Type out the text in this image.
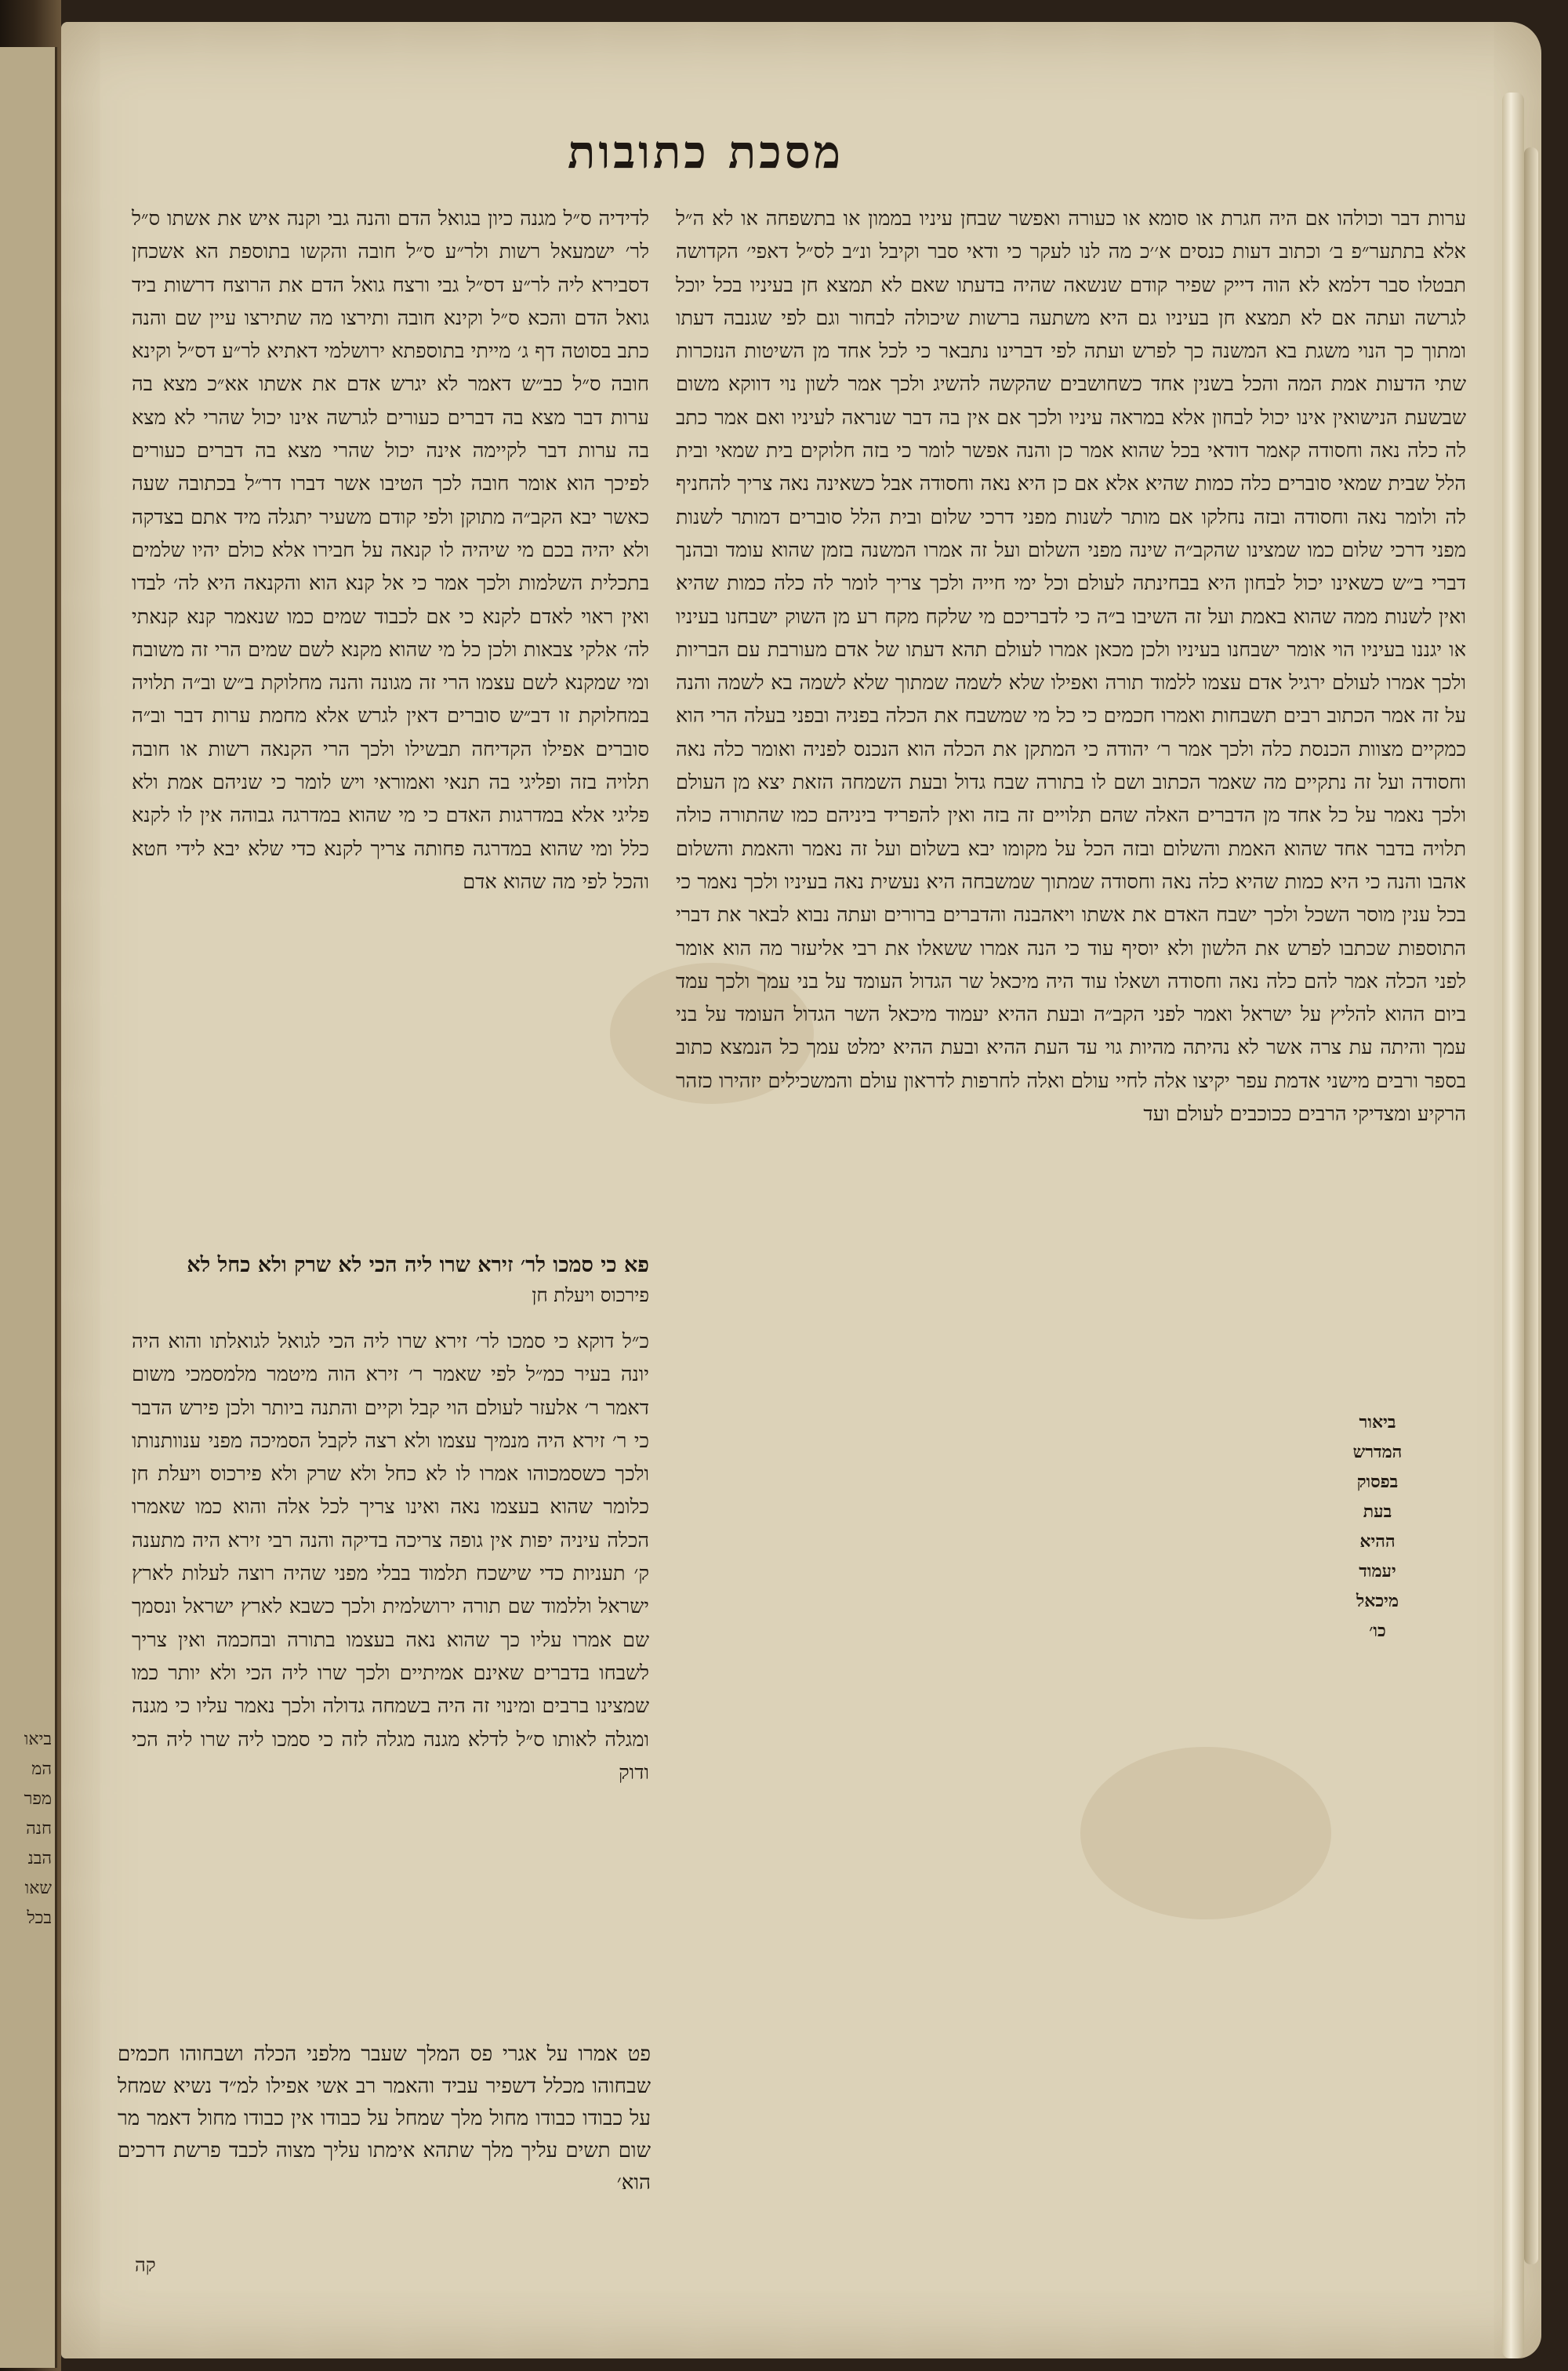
ביאו
המ
מפר
חנה
הבנ
שאו
בכל
מסכת כתובות

ערות דבר וכולהו אם היה חגרת או סומא או כעורה ואפשר שבחן עיניו בממון או בתשפחה או לא ה״ל אלא בתתער״פ ב׳ וכתוב דעות כנסים א׳׳כ מה לנו לעקר כי ודאי סבר וקיבל ונ״ב לס״ל דאפי׳ הקדושה תבטלו סבר דלמא לא הוה דייק שפיר קודם שנשאה שהיה בדעתו שאם לא תמצא חן בעיניו בכל יוכל לגרשה ועתה אם לא תמצא חן בעיניו גם היא משתעה ברשות שיכולה לבחור וגם לפי שגנבה דעתו ומתוך כך הנוי משגת בא המשנה כך לפרש ועתה לפי דברינו נתבאר כי לכל אחד מן השיטות הנזכרות שתי הדעות אמת המה והכל בשנין אחד כשחושבים שהקשה להשיג ולכך אמר לשון נוי דווקא משום שבשעת הנישואין אינו יכול לבחון אלא במראה עיניו ולכך אם אין בה דבר שנראה לעיניו ואם אמר כתב לה כלה נאה וחסודה קאמר דודאי בכל שהוא אמר כן והנה אפשר לומר כי בזה חלוקים בית שמאי ובית הלל שבית שמאי סוברים כלה כמות שהיא אלא אם כן היא נאה וחסודה אבל כשאינה נאה צריך להחניף לה ולומר נאה וחסודה ובזה נחלקו אם מותר לשנות מפני דרכי שלום ובית הלל סוברים דמותר לשנות מפני דרכי שלום כמו שמצינו שהקב״ה שינה מפני השלום ועל זה אמרו המשנה בזמן שהוא עומד ובהנך דברי ב״ש כשאינו יכול לבחון היא בבחינתה לעולם וכל ימי חייה ולכך צריך לומר לה כלה כמות שהיא ואין לשנות ממה שהוא באמת ועל זה השיבו ב״ה כי לדבריכם מי שלקח מקח רע מן השוק ישבחנו בעיניו או יגננו בעיניו הוי אומר ישבחנו בעיניו ולכן מכאן אמרו לעולם תהא דעתו של אדם מעורבת עם הבריות ולכך אמרו לעולם ירגיל אדם עצמו ללמוד תורה ואפילו שלא לשמה שמתוך שלא לשמה בא לשמה והנה על זה אמר הכתוב רבים תשבחות ואמרו חכמים כי כל מי שמשבח את הכלה בפניה ובפני בעלה הרי הוא כמקיים מצוות הכנסת כלה ולכך אמר ר׳ יהודה כי המתקן את הכלה הוא הנכנס לפניה ואומר כלה נאה וחסודה ועל זה נתקיים מה שאמר הכתוב ושם לו בתורה שבח גדול ובעת השמחה הזאת יצא מן העולם ולכך נאמר על כל אחד מן הדברים האלה שהם תלויים זה בזה ואין להפריד ביניהם כמו שהתורה כולה תלויה בדבר אחד שהוא האמת והשלום ובזה הכל על מקומו יבא בשלום ועל זה נאמר והאמת והשלום אהבו והנה כי היא כמות שהיא כלה נאה וחסודה שמתוך שמשבחה היא נעשית נאה בעיניו ולכך נאמר כי בכל ענין מוסר השכל ולכך ישבח האדם את אשתו ויאהבנה והדברים ברורים ועתה נבוא לבאר את דברי התוספות שכתבו לפרש את הלשון ולא יוסיף עוד כי הנה אמרו ששאלו את רבי אליעזר מה הוא אומר לפני הכלה אמר להם כלה נאה וחסודה ושאלו עוד היה מיכאל שר הגדול העומד על בני עמך ולכך עמד ביום ההוא להליץ על ישראל ואמר לפני הקב״ה ובעת ההיא יעמוד מיכאל השר הגדול העומד על בני עמך והיתה עת צרה אשר לא נהיתה מהיות גוי עד העת ההיא ובעת ההיא ימלט עמך כל הנמצא כתוב בספר ורבים מישני אדמת עפר יקיצו אלה לחיי עולם ואלה לחרפות לדראון עולם והמשכילים יזהירו כזהר הרקיע ומצדיקי הרבים ככוכבים לעולם ועד

לדידיה ס״ל מגנה כיון בגואל הדם והנה גבי וקנה איש את אשתו ס״ל לר׳ ישמעאל רשות ולר״ע ס״ל חובה והקשו בתוספת הא אשכחן דסבירא ליה לר״ע דס״ל גבי ורצח גואל הדם את הרוצח דרשות ביד גואל הדם והכא ס״ל וקינא חובה ותירצו מה שתירצו עיין שם והנה כתב בסוטה דף ג׳ מייתי בתוספתא ירושלמי דאתיא לר״ע דס״ל וקינא חובה ס״ל כב״ש דאמר לא יגרש אדם את אשתו אא״כ מצא בה ערות דבר מצא בה דברים כעורים לגרשה אינו יכול שהרי לא מצא בה ערות דבר לקיימה אינה יכול שהרי מצא בה דברים כעורים לפיכך הוא אומר חובה לכך הטיבו אשר דברו דר״ל בכתובה שעה כאשר יבא הקב״ה מתוקן ולפי קודם משעיר יתגלה מיד אתם בצדקה ולא יהיה בכם מי שיהיה לו קנאה על חבירו אלא כולם יהיו שלמים בתכלית השלמות ולכך אמר כי אל קנא הוא והקנאה היא לה׳ לבדו ואין ראוי לאדם לקנא כי אם לכבוד שמים כמו שנאמר קנא קנאתי לה׳ אלקי צבאות ולכן כל מי שהוא מקנא לשם שמים הרי זה משובח ומי שמקנא לשם עצמו הרי זה מגונה והנה מחלוקת ב״ש וב״ה תלויה במחלוקת זו דב״ש סוברים דאין לגרש אלא מחמת ערות דבר וב״ה סוברים אפילו הקדיחה תבשילו ולכך הרי הקנאה רשות או חובה תלויה בזה ופליגי בה תנאי ואמוראי ויש לומר כי שניהם אמת ולא פליגי אלא במדרגות האדם כי מי שהוא במדרגה גבוהה אין לו לקנא כלל ומי שהוא במדרגה פחותה צריך לקנא כדי שלא יבא לידי חטא והכל לפי מה שהוא אדם

פא כי סמכו לר׳ זירא שרו ליה הכי לא שרק ולא כחל לא
פירכוס ויעלת חן

כ״ל דוקא כי סמכו לר׳ זירא שרו ליה הכי לגואל לגואלתו והוא היה יונה בעיר כמ״ל לפי שאמר ר׳ זירא הוה מיטמר מלמסמכי משום דאמר ר׳ אלעזר לעולם הוי קבל וקיים והתנה ביותר ולכן פירש הדבר כי ר׳ זירא היה מנמיך עצמו ולא רצה לקבל הסמיכה מפני ענוותנותו ולכך כשסמכוהו אמרו לו לא כחל ולא שרק ולא פירכוס ויעלת חן כלומר שהוא בעצמו נאה ואינו צריך לכל אלה והוא כמו שאמרו הכלה עיניה יפות אין גופה צריכה בדיקה והנה רבי זירא היה מתענה ק׳ תעניות כדי שישכח תלמוד בבלי מפני שהיה רוצה לעלות לארץ ישראל וללמוד שם תורה ירושלמית ולכך כשבא לארץ ישראל ונסמך שם אמרו עליו כך שהוא נאה בעצמו בתורה ובחכמה ואין צריך לשבחו בדברים שאינם אמיתיים ולכך שרו ליה הכי ולא יותר כמו שמצינו ברבים ומינוי זה היה בשמחה גדולה ולכך נאמר עליו כי מגנה ומגלה לאותו ס״ל לדלא מגנה מגלה לזה כי סמכו ליה שרו ליה הכי ודוק

פט אמרו על אגרי פס המלך שעבר מלפני הכלה ושבחוהו חכמים שבחוהו מכלל דשפיר עביד והאמר רב אשי אפילו למ״ד נשיא שמחל על כבודו כבודו מחול מלך שמחל על כבודו אין כבודו מחול דאמר מר שום תשים עליך מלך שתהא אימתו עליך מצוה לכבד פרשת דרכים הוא׳
ביאור
המדרש
בפסוק
בעת
ההיא
יעמוד
מיכאל
כו׳
קה
